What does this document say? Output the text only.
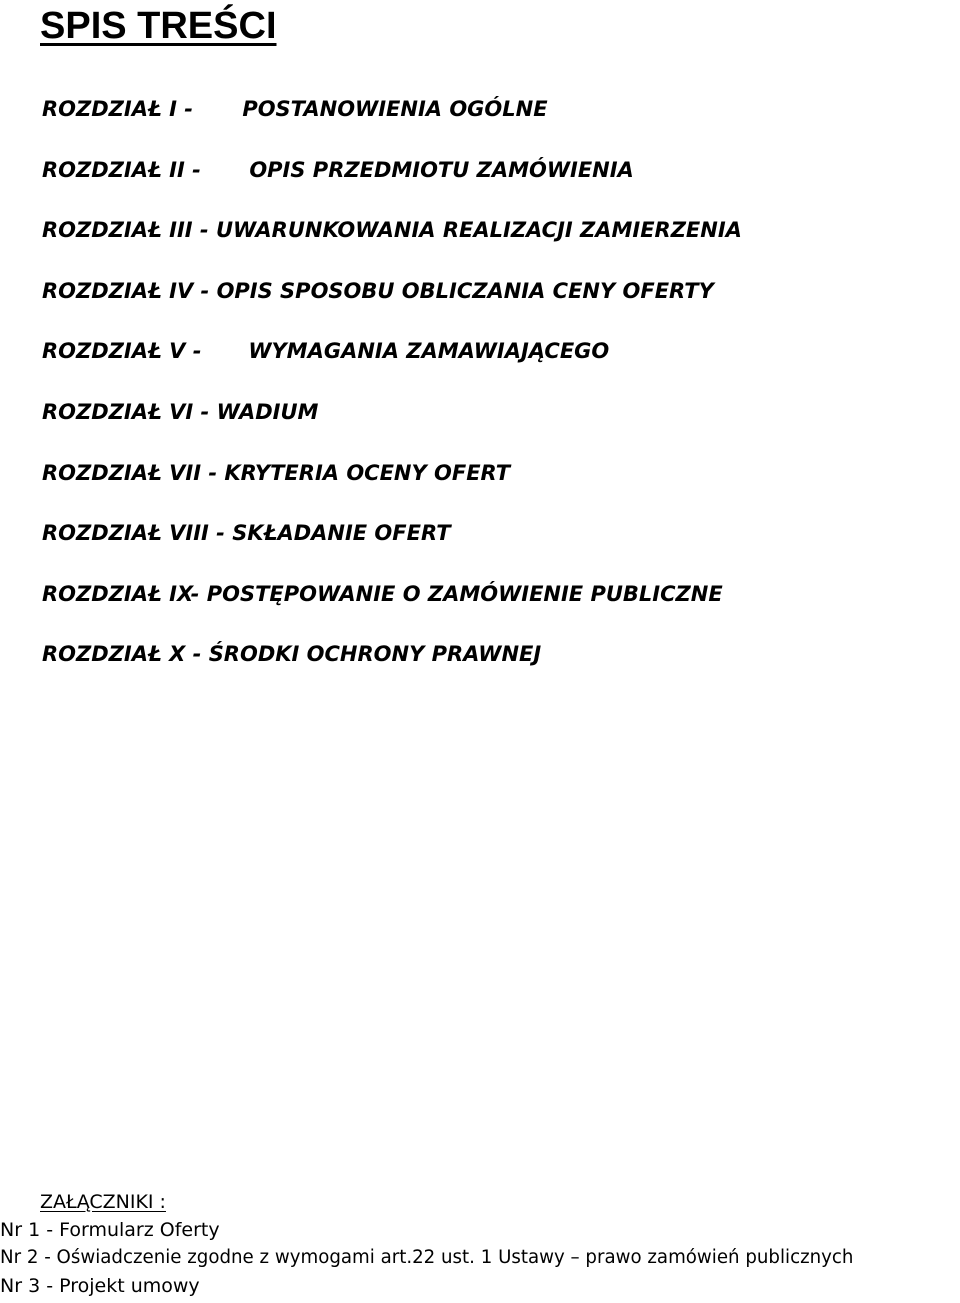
SPIS TREŚCI
ROZDZIAŁ I - POSTANOWIENIA OGÓLNE
ROZDZIAŁ II - OPIS PRZEDMIOTU ZAMÓWIENIA
ROZDZIAŁ III - UWARUNKOWANIA REALIZACJI ZAMIERZENIA
ROZDZIAŁ IV - OPIS SPOSOBU OBLICZANIA CENY OFERTY
ROZDZIAŁ V - WYMAGANIA ZAMAWIAJĄCEGO
ROZDZIAŁ VI - WADIUM
ROZDZIAŁ VII - KRYTERIA OCENY OFERT
ROZDZIAŁ VIII - SKŁADANIE OFERT
ROZDZIAŁ IX- POSTĘPOWANIE O ZAMÓWIENIE PUBLICZNE
ROZDZIAŁ X - ŚRODKI OCHRONY PRAWNEJ
ZAŁĄCZNIKI :
Nr 1 - Formularz Oferty
Nr 2 - Oświadczenie zgodne z wymogami art.22 ust. 1 Ustawy – prawo zamówień publicznych
Nr 3 - Projekt umowy
